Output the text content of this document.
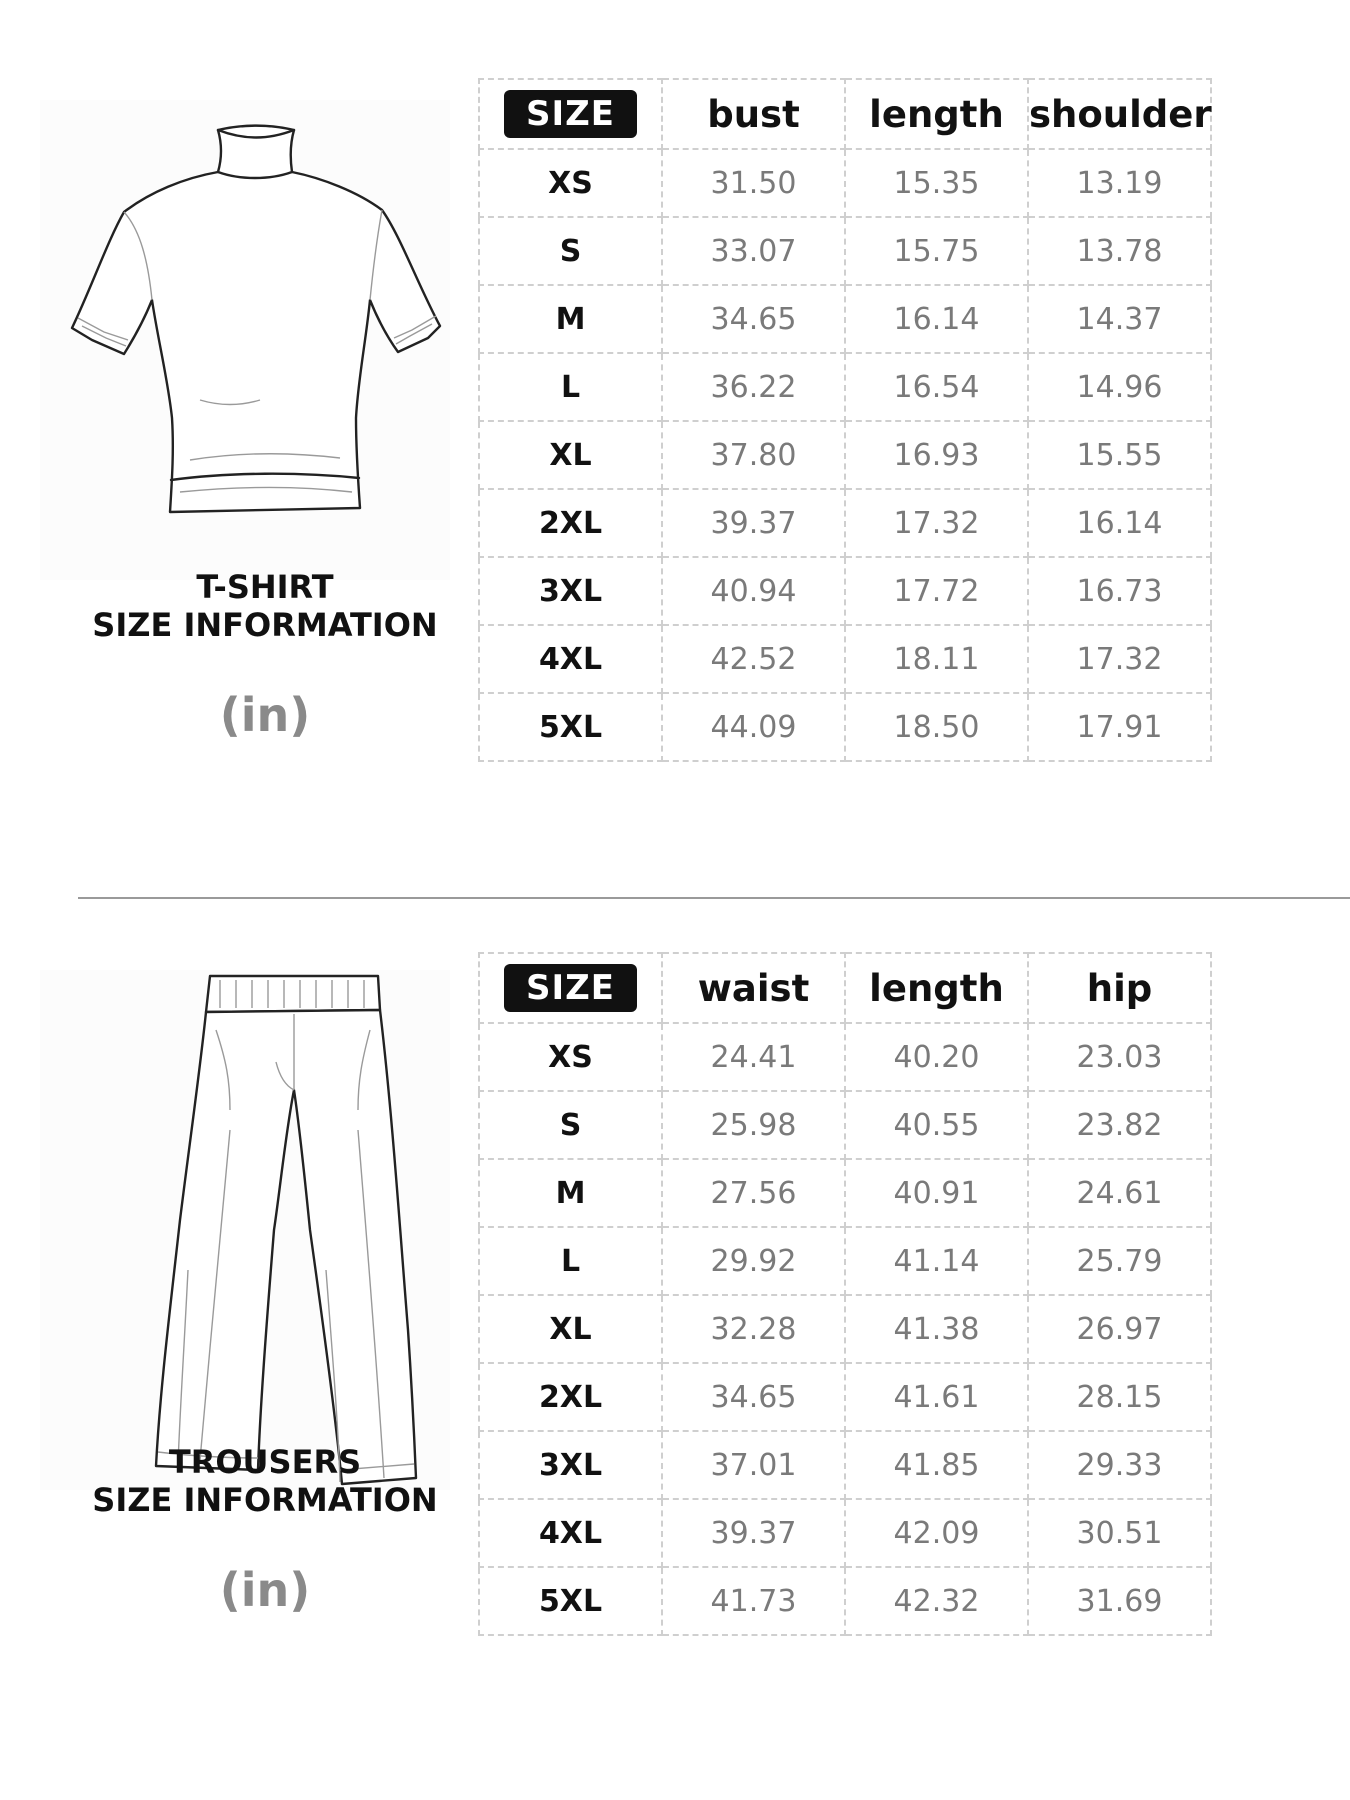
T-SHIRT
SIZE INFORMATION
(in)
SIZE	bust	length	shoulder
XS	31.50	15.35	13.19
S	33.07	15.75	13.78
M	34.65	16.14	14.37
L	36.22	16.54	14.96
XL	37.80	16.93	15.55
2XL	39.37	17.32	16.14
3XL	40.94	17.72	16.73
4XL	42.52	18.11	17.32
5XL	44.09	18.50	17.91
TROUSERS
SIZE INFORMATION
(in)
SIZE	waist	length	hip
XS	24.41	40.20	23.03
S	25.98	40.55	23.82
M	27.56	40.91	24.61
L	29.92	41.14	25.79
XL	32.28	41.38	26.97
2XL	34.65	41.61	28.15
3XL	37.01	41.85	29.33
4XL	39.37	42.09	30.51
5XL	41.73	42.32	31.69
